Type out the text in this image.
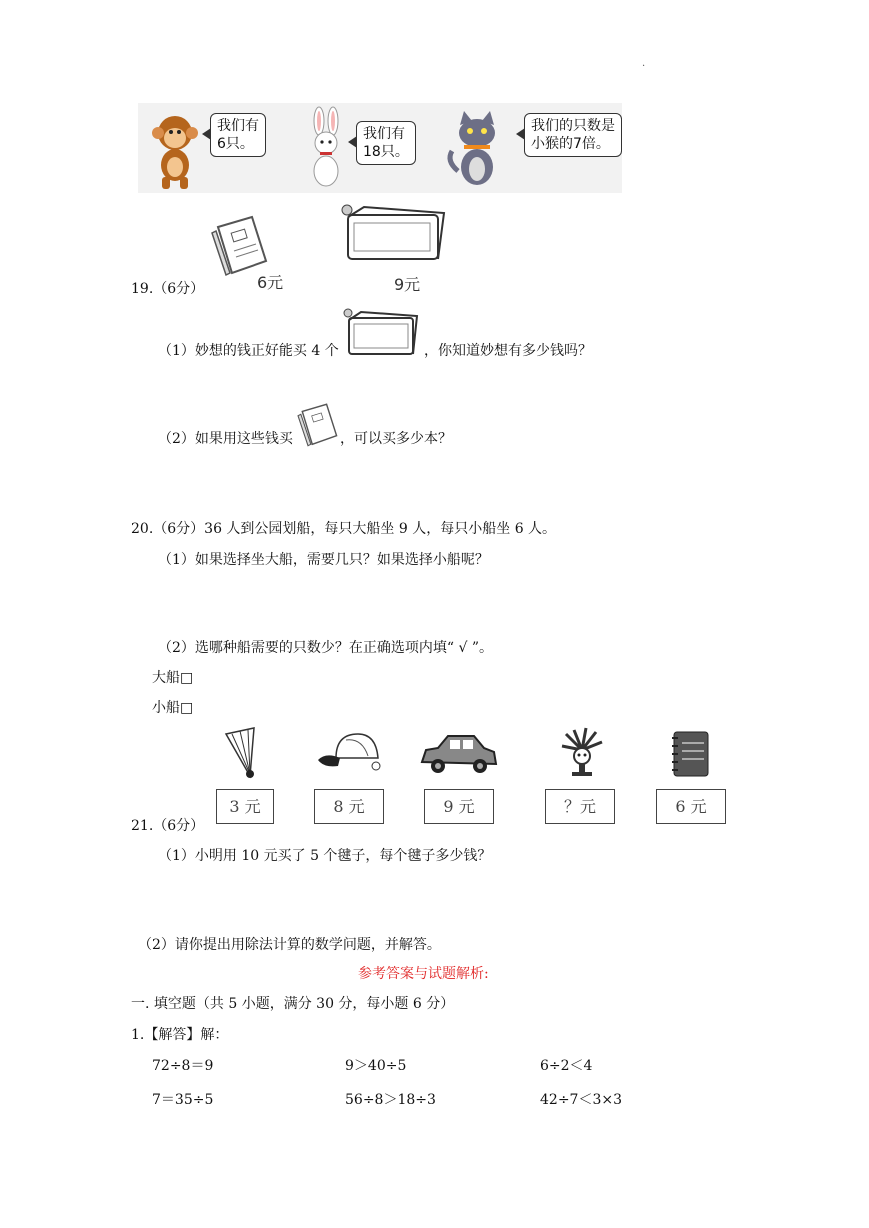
.
我们有
6只。
我们有
18只。
我们的只数是
小猴的7倍。
6元	9元
19.（6分）
（1）妙想的钱正好能买 4 个	，你知道妙想有多少钱吗？
（2）如果用这些钱买	，可以买多少本？
20.（6分）36 人到公园划船，每只大船坐 9 人，每只小船坐 6 人。
（1）如果选择坐大船，需要几只？如果选择小船呢？
（2）选哪种船需要的只数少？在正确选项内填“ √ ”。
大船□
小船□
3 元	8 元	9 元	？元	6 元
21.（6分）
（1）小明用 10 元买了 5 个毽子，每个毽子多少钱？
（2）请你提出用除法计算的数学问题，并解答。
参考答案与试题解析:
一. 填空题（共 5 小题，满分 30 分，每小题 6 分）
1.【解答】解：
72÷8＝9	9＞40÷5	6÷2＜4
7＝35÷5	56÷8＞18÷3	42÷7＜3×3
